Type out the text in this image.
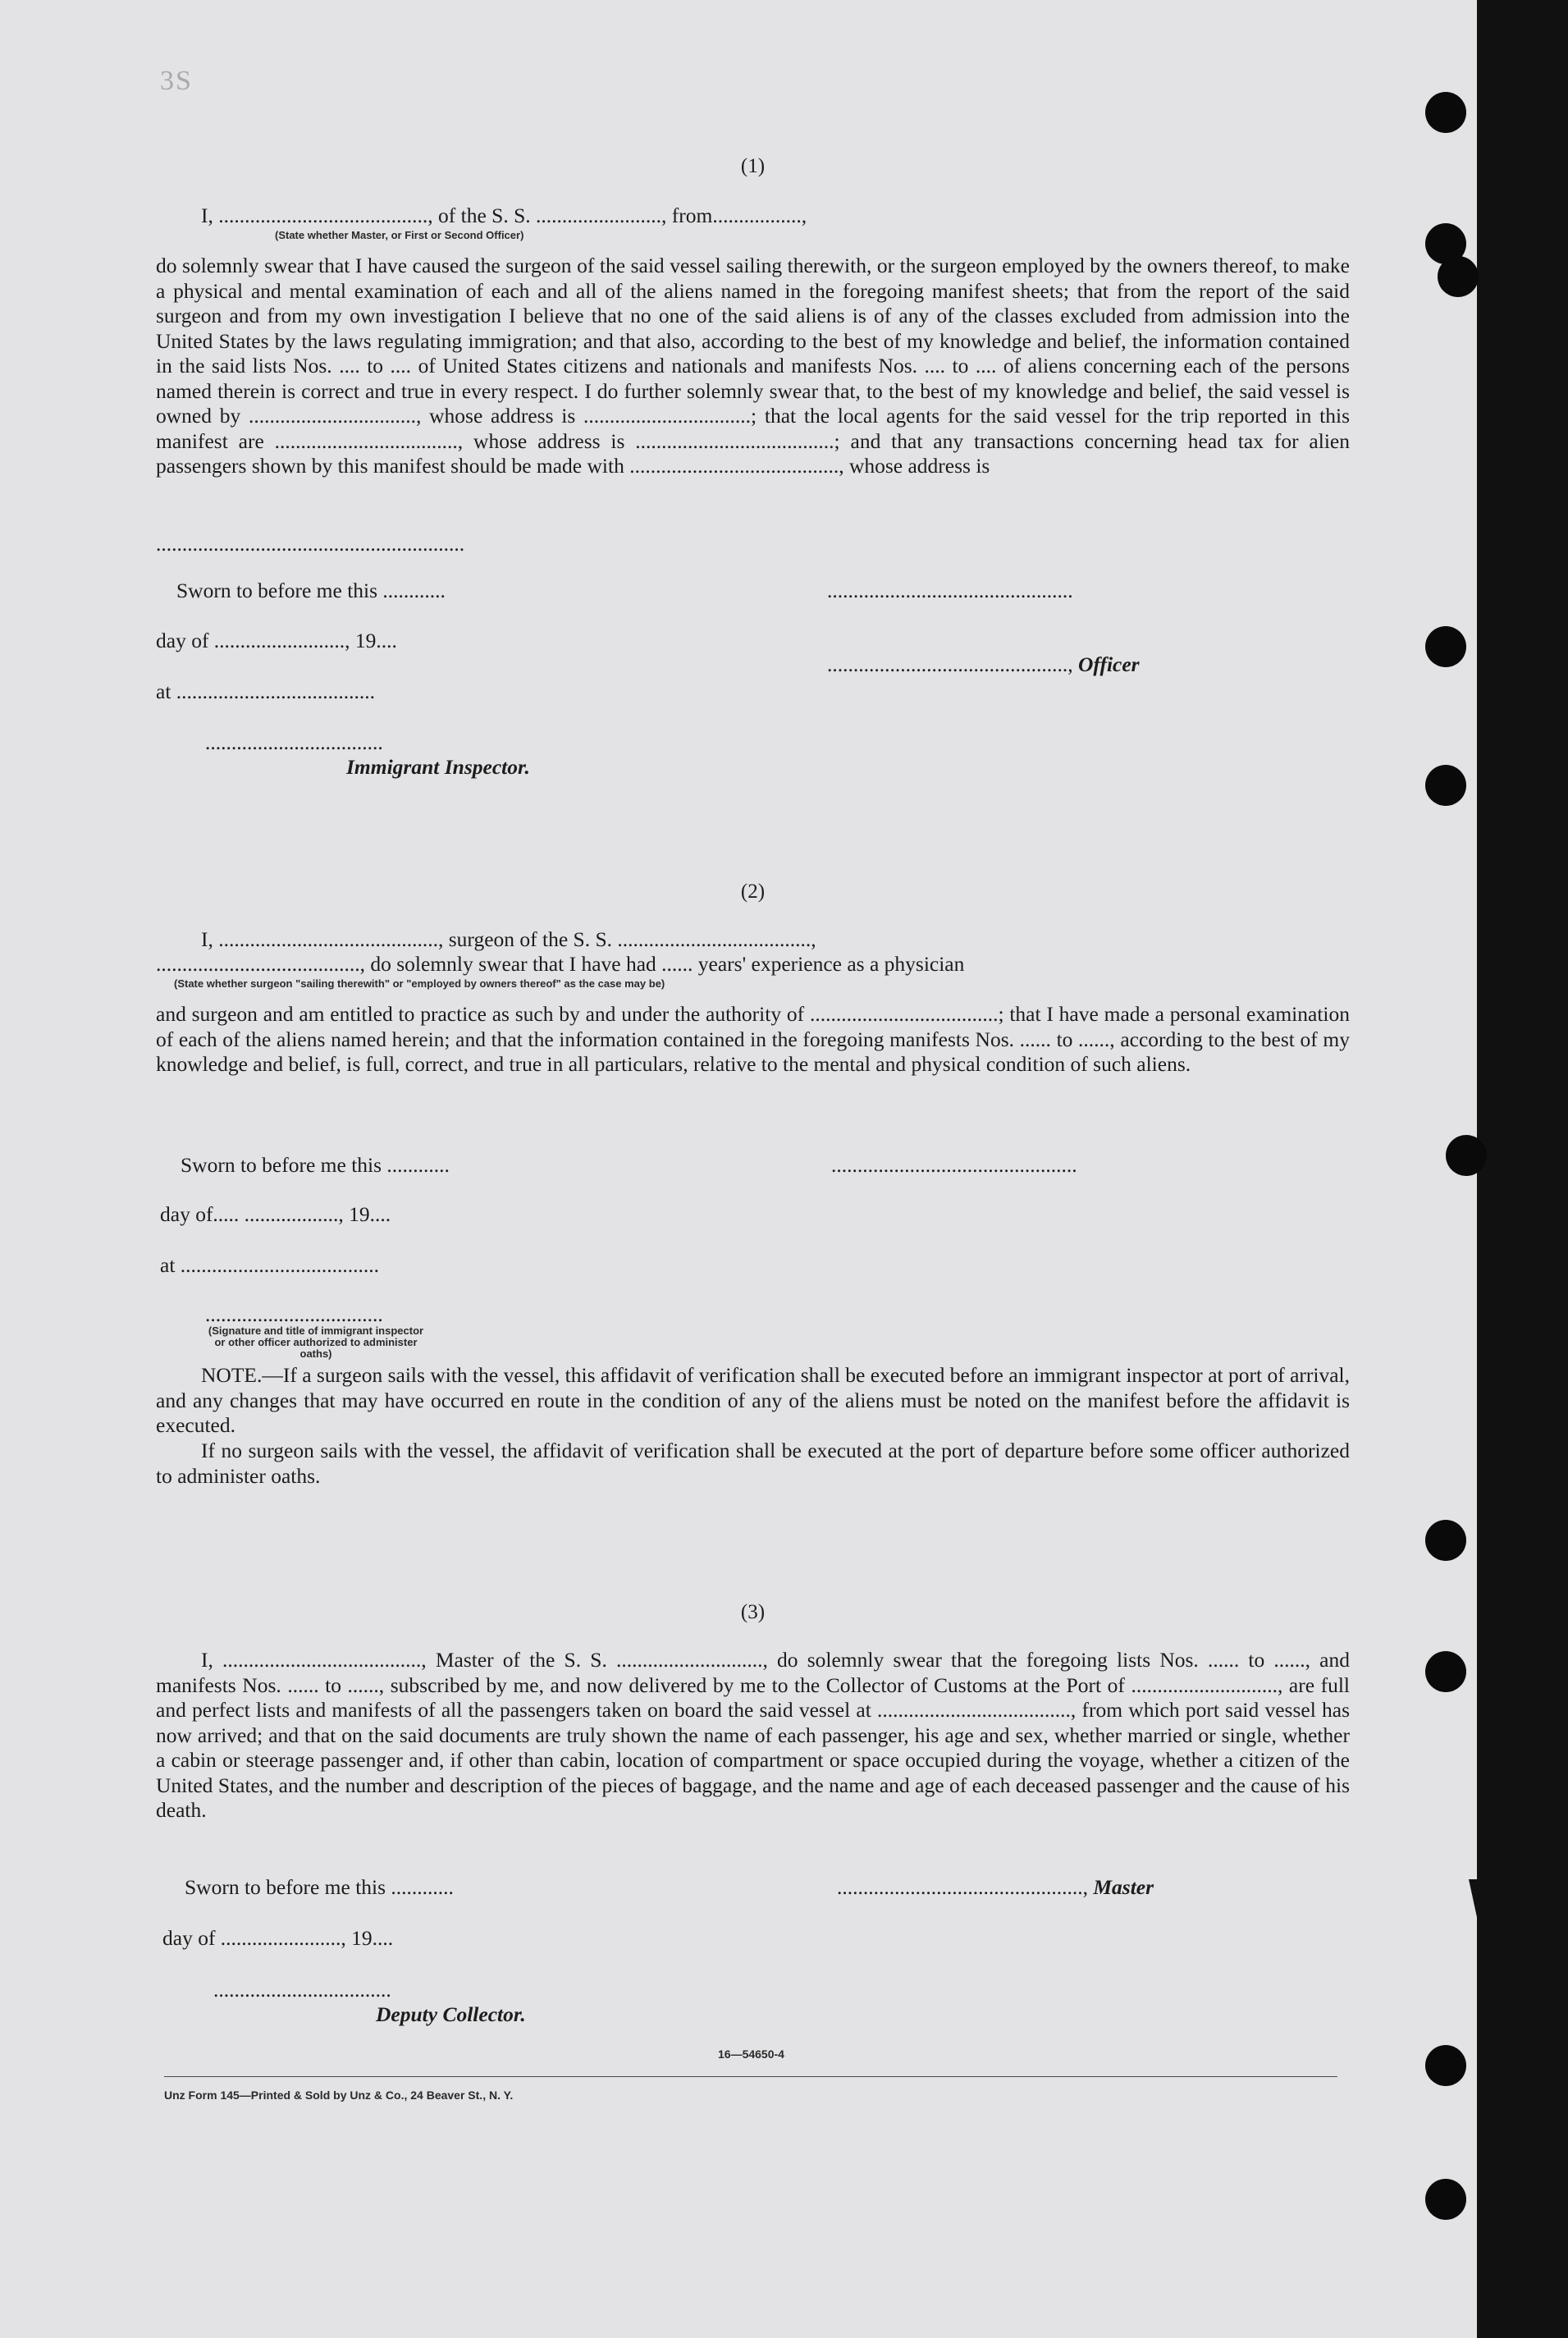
3S
(1)
I, ........................................, of the S. S. ........................, from.................,
(State whether Master, or First or Second Officer)
do solemnly swear that I have caused the surgeon of the said vessel sailing therewith, or the surgeon employed by the owners thereof, to make a physical and mental examination of each and all of the aliens named in the foregoing manifest sheets; that from the report of the said surgeon and from my own investigation I believe that no one of the said aliens is of any of the classes excluded from admission into the United States by the laws regulating immigration; and that also, according to the best of my knowledge and belief, the information contained in the said lists Nos. .... to .... of United States citizens and nationals and manifests Nos. .... to .... of aliens concerning each of the persons named therein is correct and true in every respect. I do further solemnly swear that, to the best of my knowledge and belief, the said vessel is owned by ................................, whose address is ................................; that the local agents for the said vessel for the trip reported in this manifest are ..................................., whose address is ......................................; and that any transactions concerning head tax for alien passengers shown by this manifest should be made with ........................................, whose address is
...........................................................
Sworn to before me this ............
day of ........................., 19....
at ......................................
..................................
Immigrant Inspector.
...............................................
.............................................., Officer
(2)
I, .........................................., surgeon of the S. S. .....................................,
......................................., do solemnly swear that I have had ...... years' experience as a physician
(State whether surgeon "sailing therewith" or "employed by owners thereof" as the case may be)
and surgeon and am entitled to practice as such by and under the authority of ....................................; that I have made a personal examination of each of the aliens named herein; and that the information contained in the foregoing manifests Nos. ...... to ......, according to the best of my knowledge and belief, is full, correct, and true in all particulars, relative to the mental and physical condition of such aliens.
Sworn to before me this ............
day of..... .................., 19....
at ......................................
..................................
(Signature and title of immigrant inspector or other officer authorized to administer oaths)
...............................................
NOTE.—If a surgeon sails with the vessel, this affidavit of verification shall be executed before an immigrant inspector at port of arrival, and any changes that may have occurred en route in the condition of any of the aliens must be noted on the manifest before the affidavit is executed.
If no surgeon sails with the vessel, the affidavit of verification shall be executed at the port of departure before some officer authorized to administer oaths.
(3)
I, ......................................, Master of the S. S. ............................, do solemnly swear that the foregoing lists Nos. ...... to ......, and manifests Nos. ...... to ......, subscribed by me, and now delivered by me to the Collector of Customs at the Port of ............................, are full and perfect lists and manifests of all the passengers taken on board the said vessel at ....................................., from which port said vessel has now arrived; and that on the said documents are truly shown the name of each passenger, his age and sex, whether married or single, whether a cabin or steerage passenger and, if other than cabin, location of compartment or space occupied during the voyage, whether a citizen of the United States, and the number and description of the pieces of baggage, and the name and age of each deceased passenger and the cause of his death.
Sworn to before me this ............
day of ......................., 19....
..................................
Deputy Collector.
..............................................., Master
16—54650-4
Unz Form 145—Printed & Sold by Unz & Co., 24 Beaver St., N. Y.
